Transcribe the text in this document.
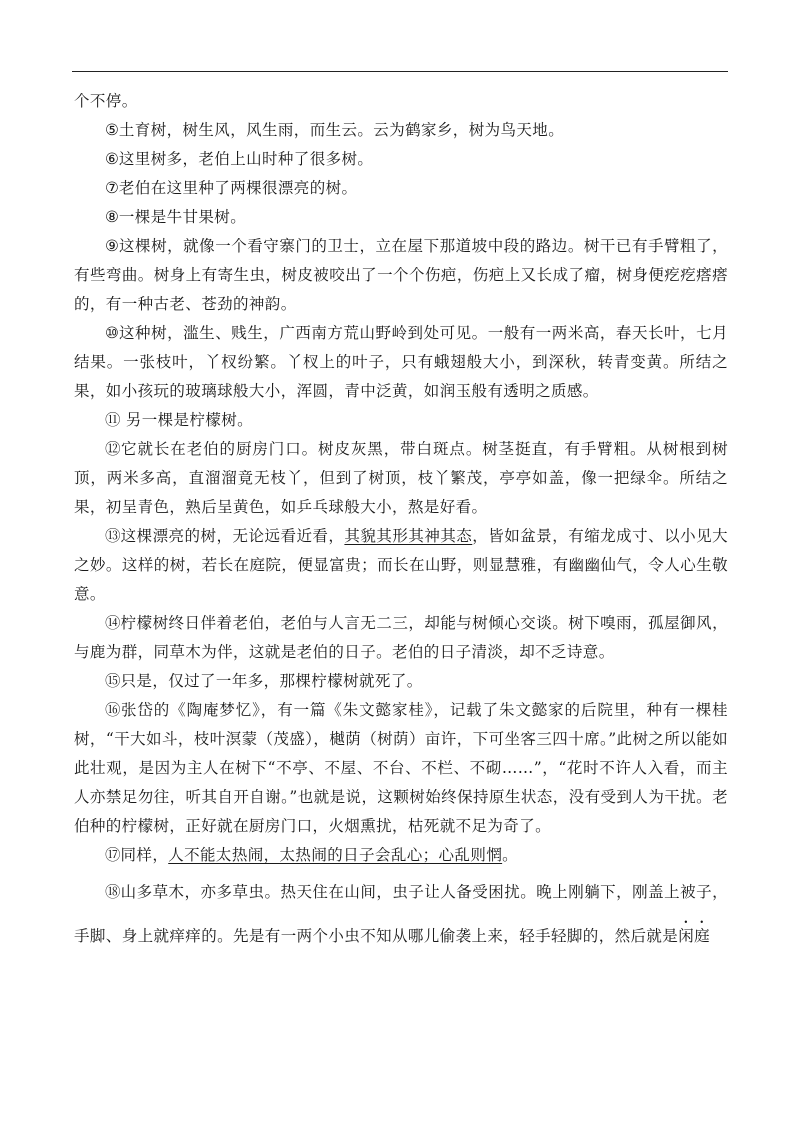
个不停。

⑤土育树，树生风，风生雨，而生云。云为鹤家乡，树为鸟天地。

⑥这里树多，老伯上山时种了很多树。

⑦老伯在这里种了两棵很漂亮的树。

⑧一棵是牛甘果树。

⑨这棵树，就像一个看守寨门的卫士，立在屋下那道坡中段的路边。树干已有手臂粗了，有些弯曲。树身上有寄生虫，树皮被咬出了一个个伤疤，伤疤上又长成了瘤，树身便疙疙瘩瘩的，有一种古老、苍劲的神韵。

⑩这种树，滥生、贱生，广西南方荒山野岭到处可见。一般有一两米高，春天长叶，七月结果。一张枝叶，丫杈纷繁。丫杈上的叶子，只有蛾翅般大小，到深秋，转青变黄。所结之果，如小孩玩的玻璃球般大小，浑圆，青中泛黄，如润玉般有透明之质感。

⑪ 另一棵是柠檬树。

⑫它就长在老伯的厨房门口。树皮灰黑，带白斑点。树茎挺直，有手臂粗。从树根到树顶，两米多高，直溜溜竟无枝丫，但到了树顶，枝丫繁茂，亭亭如盖，像一把绿伞。所结之果，初呈青色，熟后呈黄色，如乒乓球般大小，熬是好看。

⑬这棵漂亮的树，无论远看近看，其貌其形其神其态，皆如盆景，有缩龙成寸、以小见大之妙。这样的树，若长在庭院，便显富贵；而长在山野，则显慧雅，有幽幽仙气，令人心生敬意。

⑭柠檬树终日伴着老伯，老伯与人言无二三，却能与树倾心交谈。树下嗅雨，孤屋御风，与鹿为群，同草木为伴，这就是老伯的日子。老伯的日子清淡，却不乏诗意。

⑮只是，仅过了一年多，那棵柠檬树就死了。

⑯张岱的《陶庵梦忆》，有一篇《朱文懿家桂》，记载了朱文懿家的后院里，种有一棵桂树，“干大如斗，枝叶溟蒙（茂盛），樾荫（树荫）亩许，下可坐客三四十席。”此树之所以能如此壮观，是因为主人在树下“不亭、不屋、不台、不栏、不砌……”，“花时不许人入看，而主人亦禁足勿往，听其自开自谢。”也就是说，这颗树始终保持原生状态，没有受到人为干扰。老伯种的柠檬树，正好就在厨房门口，火烟熏扰，枯死就不足为奇了。

⑰同样，人不能太热闹，太热闹的日子会乱心；心乱则惘。

⑱山多草木，亦多草虫。热天住在山间，虫子让人备受困扰。晚上刚躺下，刚盖上被子，手脚、身上就痒痒的。先是有一两个小虫不知从哪儿偷袭上来，轻手轻脚的，然后就是闲庭
